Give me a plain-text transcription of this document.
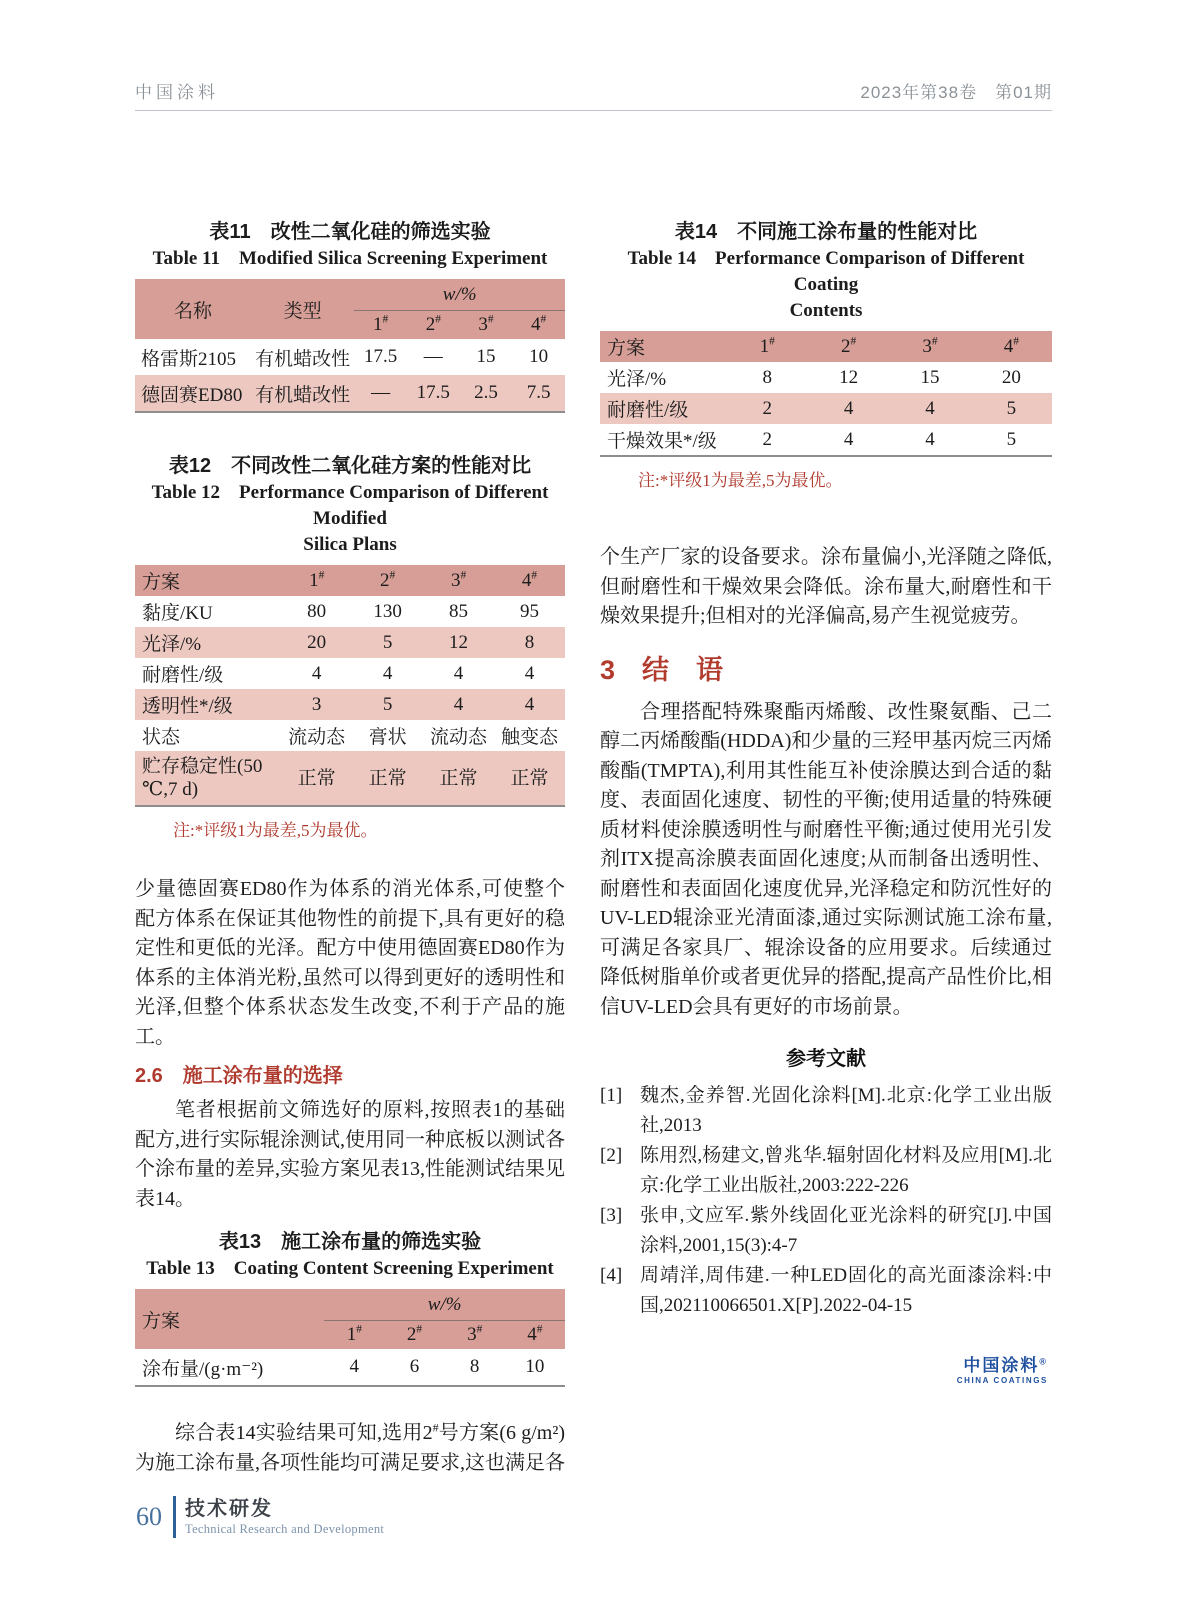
中国涂料	2023年第38卷　第01期
表11　改性二氧化硅的筛选实验
Table 11　Modified Silica Screening Experiment
名称	类型	w/%			
		1#	2#	3#	4#
格雷斯2105	有机蜡改性	17.5	—	15	10
德固赛ED80	有机蜡改性	—	17.5	2.5	7.5
表12　不同改性二氧化硅方案的性能对比
Table 12　Performance Comparison of Different Modified
Silica Plans
方案	1#	2#	3#	4#
黏度/KU	80	130	85	95
光泽/%	20	5	12	8
耐磨性/级	4	4	4	4
透明性*/级	3	5	4	4
状态	流动态	膏状	流动态	触变态
贮存稳定性(50 ℃,7 d)	正常	正常	正常	正常
注:*评级1为最差,5为最优。

少量德固赛ED80作为体系的消光体系,可使整个配方体系在保证其他物性的前提下,具有更好的稳定性和更低的光泽。配方中使用德固赛ED80作为体系的主体消光粉,虽然可以得到更好的透明性和光泽,但整个体系状态发生改变,不利于产品的施工。

2.6　施工涂布量的选择

笔者根据前文筛选好的原料,按照表1的基础配方,进行实际辊涂测试,使用同一种底板以测试各个涂布量的差异,实验方案见表13,性能测试结果见表14。

表13　施工涂布量的筛选实验
Table 13　Coating Content Screening Experiment
方案	w/%			
	1#	2#	3#	4#
涂布量/(g·m⁻²)	4	6	8	10

综合表14实验结果可知,选用2#号方案(6 g/m²)为施工涂布量,各项性能均可满足要求,这也满足各

表14　不同施工涂布量的性能对比
Table 14　Performance Comparison of Different Coating
Contents
方案	1#	2#	3#	4#
光泽/%	8	12	15	20
耐磨性/级	2	4	4	5
干燥效果*/级	2	4	4	5
注:*评级1为最差,5为最优。

个生产厂家的设备要求。涂布量偏小,光泽随之降低,但耐磨性和干燥效果会降低。涂布量大,耐磨性和干燥效果提升;但相对的光泽偏高,易产生视觉疲劳。

3　结　语

合理搭配特殊聚酯丙烯酸、改性聚氨酯、己二醇二丙烯酸酯(HDDA)和少量的三羟甲基丙烷三丙烯酸酯(TMPTA),利用其性能互补使涂膜达到合适的黏度、表面固化速度、韧性的平衡;使用适量的特殊硬质材料使涂膜透明性与耐磨性平衡;通过使用光引发剂ITX提高涂膜表面固化速度;从而制备出透明性、耐磨性和表面固化速度优异,光泽稳定和防沉性好的UV-LED辊涂亚光清面漆,通过实际测试施工涂布量,可满足各家具厂、辊涂设备的应用要求。后续通过降低树脂单价或者更优异的搭配,提高产品性价比,相信UV-LED会具有更好的市场前景。

参考文献
[1] 魏杰,金养智.光固化涂料[M].北京:化学工业出版社,2013
[2] 陈用烈,杨建文,曾兆华.辐射固化材料及应用[M].北京:化学工业出版社,2003:222-226
[3] 张申,文应军.紫外线固化亚光涂料的研究[J].中国涂料,2001,15(3):4-7
[4] 周靖洋,周伟建.一种LED固化的高光面漆涂料:中国,202110066501.X[P].2022-04-15
中国涂料®
CHINA COATINGS
60 技术研发
Technical Research and Development
